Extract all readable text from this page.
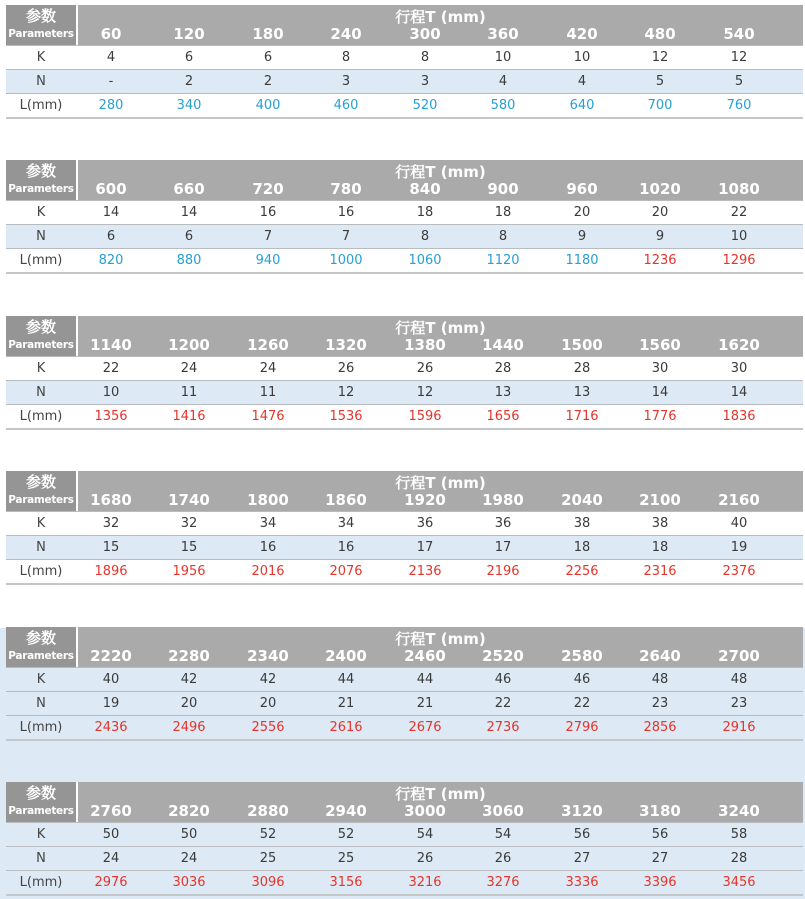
参数
Parameters
行程T (mm)
60	120	180	240	300	360	420	480	540
K	4	6	6	8	8	10	10	12	12
N	-	2	2	3	3	4	4	5	5
L(mm)	280	340	400	460	520	580	640	700	760
参数
Parameters
行程T (mm)
600	660	720	780	840	900	960	1020	1080
K	14	14	16	16	18	18	20	20	22
N	6	6	7	7	8	8	9	9	10
L(mm)	820	880	940	1000	1060	1120	1180	1236	1296
参数
Parameters
行程T (mm)
1140	1200	1260	1320	1380	1440	1500	1560	1620
K	22	24	24	26	26	28	28	30	30
N	10	11	11	12	12	13	13	14	14
L(mm)	1356	1416	1476	1536	1596	1656	1716	1776	1836
参数
Parameters
行程T (mm)
1680	1740	1800	1860	1920	1980	2040	2100	2160
K	32	32	34	34	36	36	38	38	40
N	15	15	16	16	17	17	18	18	19
L(mm)	1896	1956	2016	2076	2136	2196	2256	2316	2376
参数
Parameters
行程T (mm)
2220	2280	2340	2400	2460	2520	2580	2640	2700
K	40	42	42	44	44	46	46	48	48
N	19	20	20	21	21	22	22	23	23
L(mm)	2436	2496	2556	2616	2676	2736	2796	2856	2916
参数
Parameters
行程T (mm)
2760	2820	2880	2940	3000	3060	3120	3180	3240
K	50	50	52	52	54	54	56	56	58
N	24	24	25	25	26	26	27	27	28
L(mm)	2976	3036	3096	3156	3216	3276	3336	3396	3456
